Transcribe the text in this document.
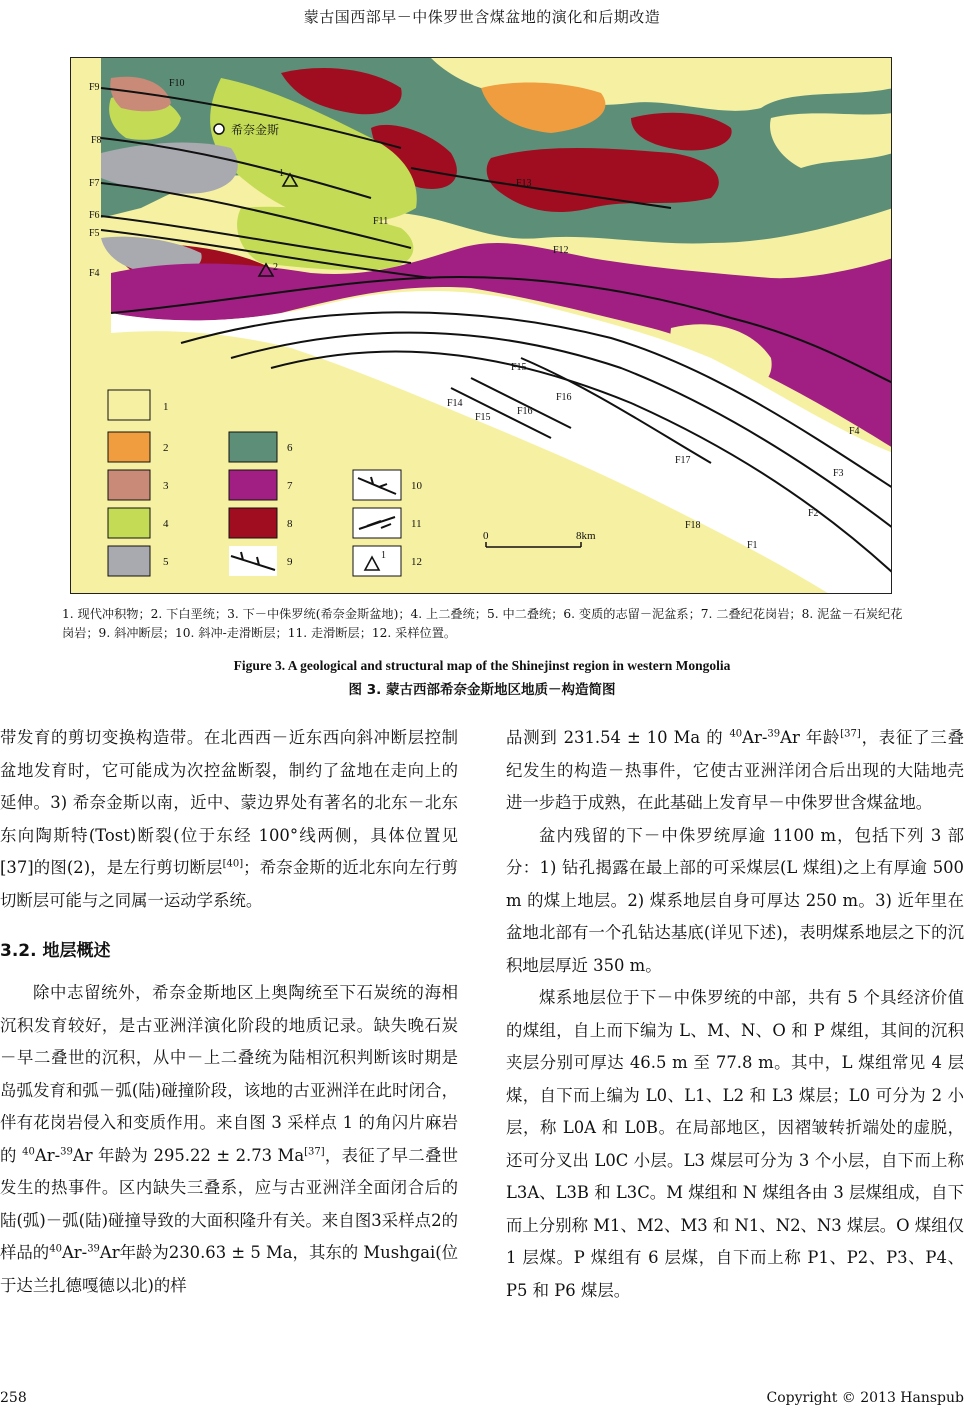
蒙古国西部早－中侏罗世含煤盆地的演化和后期改造
F9	F10
F8
F7
F6
F5
F4
F13
F11
F12
F15
F14
F15
F16
F16
F4
F17
F3
F2
F18
F1
希奈金斯
1
2
1
2
3
4
5
6
7
8
9
10
11
12
1
0	8km
1. 现代冲积物；2. 下白垩统；3. 下－中侏罗统(希奈金斯盆地)；4. 上二叠统；5. 中二叠统；6. 变质的志留－泥盆系；7. 二叠纪花岗岩；8. 泥盆－石炭纪花岗岩；9. 斜冲断层；10. 斜冲-走滑断层；11. 走滑断层；12. 采样位置。
Figure 3. A geological and structural map of the Shinejinst region in western Mongolia
图 3. 蒙古西部希奈金斯地区地质－构造简图

带发育的剪切变换构造带。在北西西－近东西向斜冲断层控制盆地发育时，它可能成为次控盆断裂，制约了盆地在走向上的延伸。3) 希奈金斯以南，近中、蒙边界处有著名的北东－北东东向陶斯特(Tost)断裂(位于东经 100°线两侧，具体位置见[37]的图(2)，是左行剪切断层[40]；希奈金斯的近北东向左行剪切断层可能与之同属一运动学系统。

3.2. 地层概述

除中志留统外，希奈金斯地区上奥陶统至下石炭统的海相沉积发育较好，是古亚洲洋演化阶段的地质记录。缺失晚石炭－早二叠世的沉积，从中－上二叠统为陆相沉积判断该时期是岛弧发育和弧－弧(陆)碰撞阶段，该地的古亚洲洋在此时闭合，伴有花岗岩侵入和变质作用。来自图 3 采样点 1 的角闪片麻岩的 $^{40}$Ar-$^{39}$Ar 年龄为 295.22 ± 2.73 Ma[37]，表征了早二叠世发生的热事件。区内缺失三叠系，应与古亚洲洋全面闭合后的陆(弧)－弧(陆)碰撞导致的大面积隆升有关。来自图3采样点2的样品的$^{40}$Ar-$^{39}$Ar年龄为230.63 ± 5 Ma，其东的 Mushgai(位于达兰扎德嘎德以北)的样

品测到 231.54 ± 10 Ma 的 $^{40}$Ar-$^{39}$Ar 年龄[37]，表征了三叠纪发生的构造－热事件，它使古亚洲洋闭合后出现的大陆地壳进一步趋于成熟，在此基础上发育早－中侏罗世含煤盆地。

盆内残留的下－中侏罗统厚逾 1100 m，包括下列 3 部分：1) 钻孔揭露在最上部的可采煤层(L 煤组)之上有厚逾 500 m 的煤上地层。2) 煤系地层自身可厚达 250 m。3) 近年里在盆地北部有一个孔钻达基底(详见下述)，表明煤系地层之下的沉积地层厚近 350 m。

煤系地层位于下－中侏罗统的中部，共有 5 个具经济价值的煤组，自上而下编为 L、M、N、O 和 P 煤组，其间的沉积夹层分别可厚达 46.5 m 至 77.8 m。其中，L 煤组常见 4 层煤，自下而上编为 L0、L1、L2 和 L3 煤层；L0 可分为 2 小层，称 L0A 和 L0B。在局部地区，因褶皱转折端处的虚脱，还可分叉出 L0C 小层。L3 煤层可分为 3 个小层，自下而上称 L3A、L3B 和 L3C。M 煤组和 N 煤组各由 3 层煤组成，自下而上分别称 M1、M2、M3 和 N1、N2、N3 煤层。O 煤组仅 1 层煤。P 煤组有 6 层煤，自下而上称 P1、P2、P3、P4、P5 和 P6 煤层。

258	Copyright © 2013 Hanspub
